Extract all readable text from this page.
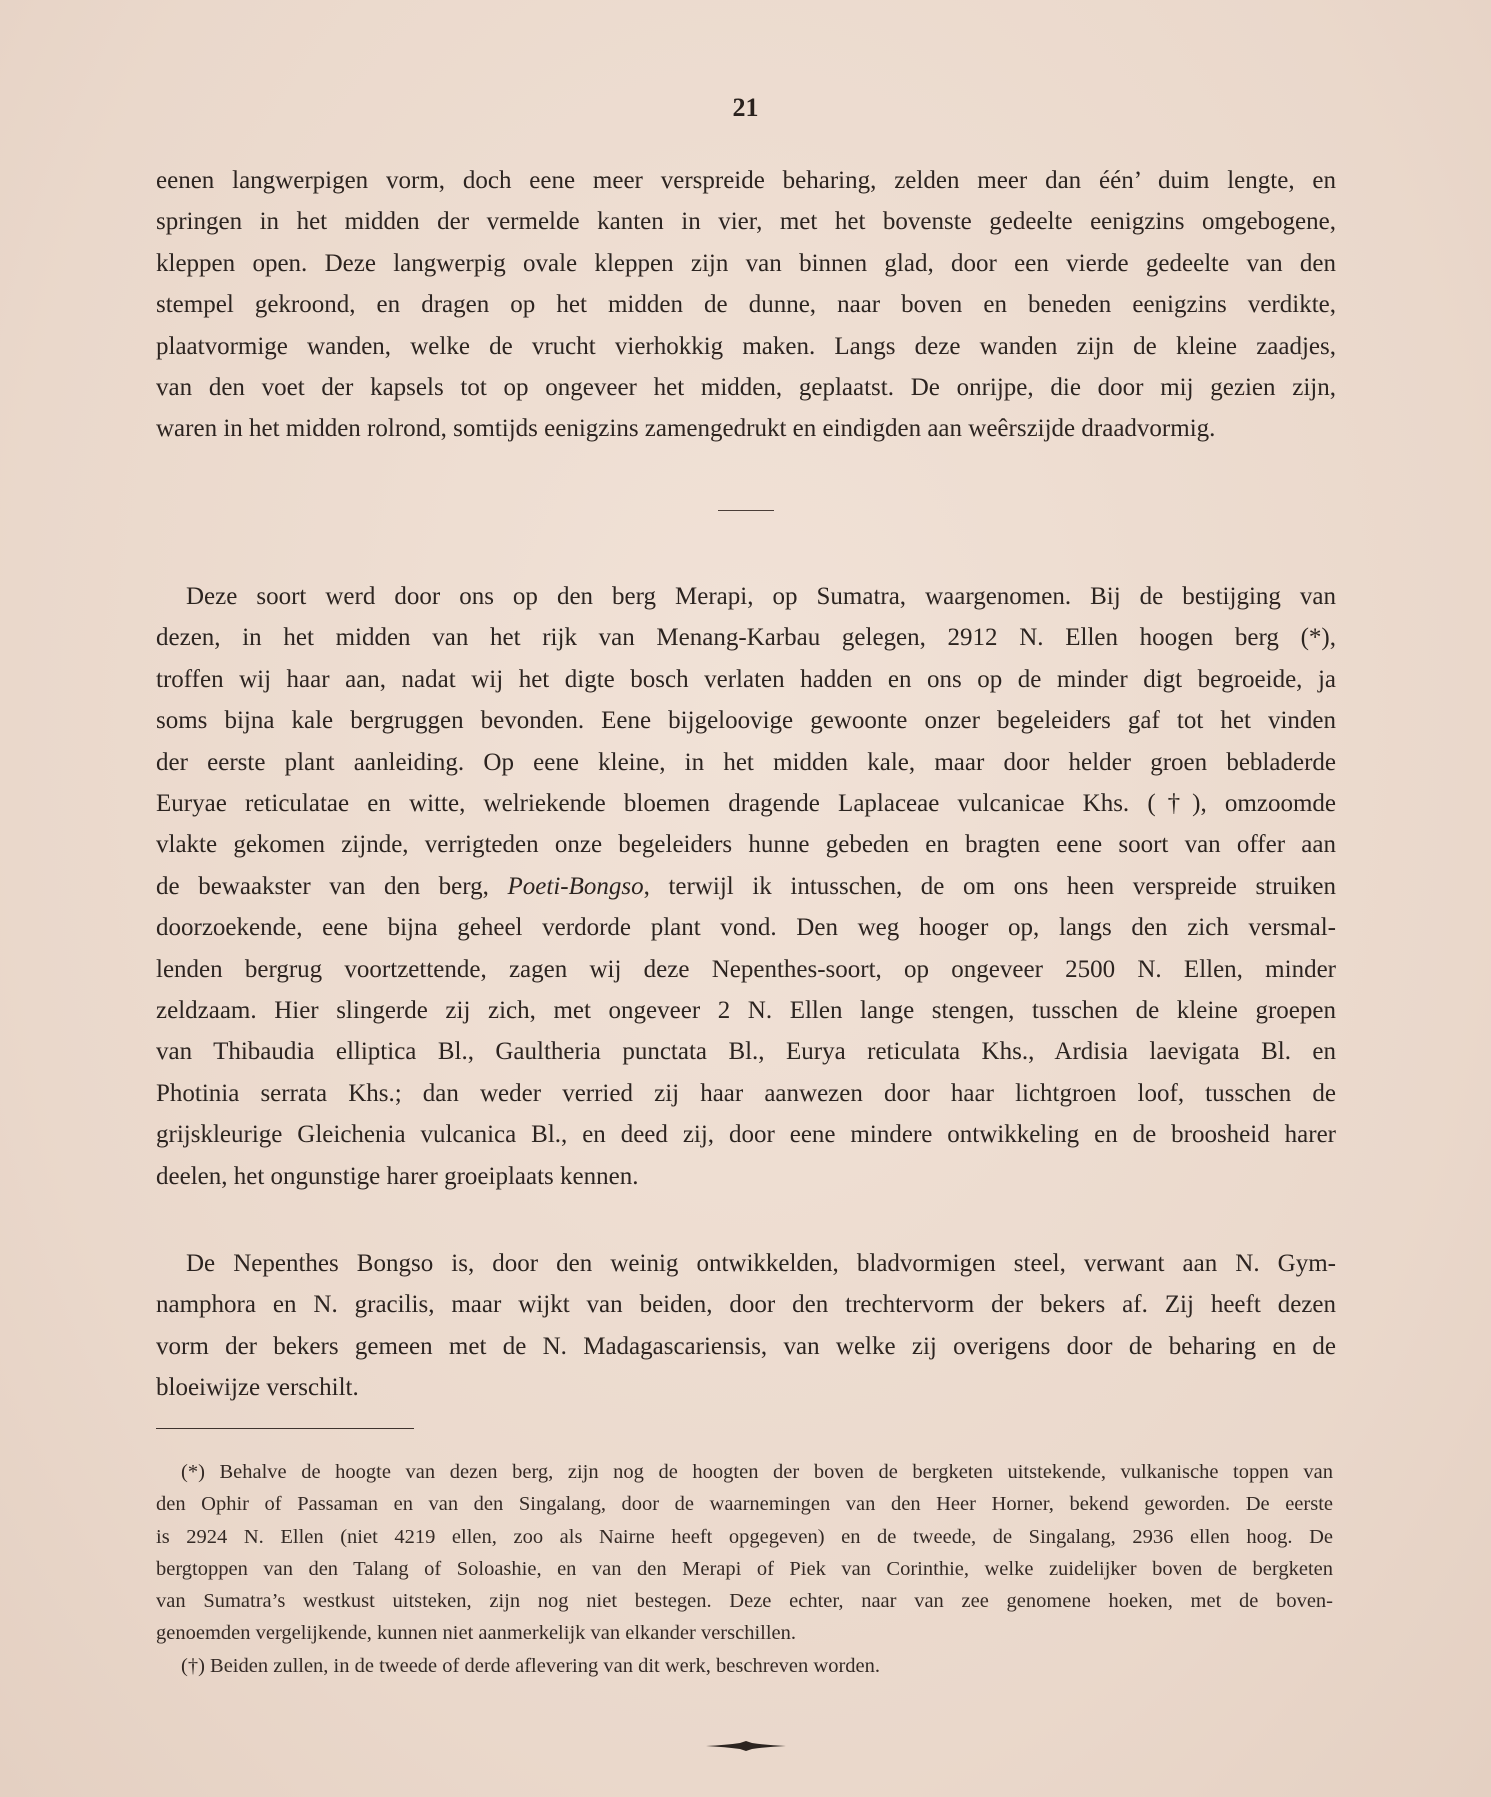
21

eenen langwerpigen vorm, doch eene meer verspreide beharing, zelden meer dan één’ duim lengte, en

springen in het midden der vermelde kanten in vier, met het bovenste gedeelte eenigzins omgebogene,

kleppen open. Deze langwerpig ovale kleppen zijn van binnen glad, door een vierde gedeelte van den

stempel gekroond, en dragen op het midden de dunne, naar boven en beneden eenigzins verdikte,

plaatvormige wanden, welke de vrucht vierhokkig maken. Langs deze wanden zijn de kleine zaadjes,

van den voet der kapsels tot op ongeveer het midden, geplaatst. De onrijpe, die door mij gezien zijn,

waren in het midden rolrond, somtijds eenigzins zamengedrukt en eindigden aan weêrszijde draadvormig.

Deze soort werd door ons op den berg Merapi, op Sumatra, waargenomen. Bij de bestijging van

dezen, in het midden van het rijk van Menang-Karbau gelegen, 2912 N. Ellen hoogen berg (*),

troffen wij haar aan, nadat wij het digte bosch verlaten hadden en ons op de minder digt begroeide, ja

soms bijna kale bergruggen bevonden. Eene bijgeloovige gewoonte onzer begeleiders gaf tot het vinden

der eerste plant aanleiding. Op eene kleine, in het midden kale, maar door helder groen bebladerde

Euryae reticulatae en witte, welriekende bloemen dragende Laplaceae vulcanicae Khs. (†), omzoomde

vlakte gekomen zijnde, verrigteden onze begeleiders hunne gebeden en bragten eene soort van offer aan

de bewaakster van den berg, Poeti-Bongso, terwijl ik intusschen, de om ons heen verspreide struiken

doorzoekende, eene bijna geheel verdorde plant vond. Den weg hooger op, langs den zich versmal-

lenden bergrug voortzettende, zagen wij deze Nepenthes-soort, op ongeveer 2500 N. Ellen, minder

zeldzaam. Hier slingerde zij zich, met ongeveer 2 N. Ellen lange stengen, tusschen de kleine groepen

van Thibaudia elliptica Bl., Gaultheria punctata Bl., Eurya reticulata Khs., Ardisia laevigata Bl. en

Photinia serrata Khs.; dan weder verried zij haar aanwezen door haar lichtgroen loof, tusschen de

grijskleurige Gleichenia vulcanica Bl., en deed zij, door eene mindere ontwikkeling en de broosheid harer

deelen, het ongunstige harer groeiplaats kennen.

De Nepenthes Bongso is, door den weinig ontwikkelden, bladvormigen steel, verwant aan N. Gym-

namphora en N. gracilis, maar wijkt van beiden, door den trechtervorm der bekers af. Zij heeft dezen

vorm der bekers gemeen met de N. Madagascariensis, van welke zij overigens door de beharing en de

bloeiwijze verschilt.

(*) Behalve de hoogte van dezen berg, zijn nog de hoogten der boven de bergketen uitstekende, vulkanische toppen van

den Ophir of Passaman en van den Singalang, door de waarnemingen van den Heer Horner, bekend geworden. De eerste

is 2924 N. Ellen (niet 4219 ellen, zoo als Nairne heeft opgegeven) en de tweede, de Singalang, 2936 ellen hoog. De

bergtoppen van den Talang of Soloashie, en van den Merapi of Piek van Corinthie, welke zuidelijker boven de bergketen

van Sumatra’s westkust uitsteken, zijn nog niet bestegen. Deze echter, naar van zee genomene hoeken, met de boven-

genoemden vergelijkende, kunnen niet aanmerkelijk van elkander verschillen.

(†) Beiden zullen, in de tweede of derde aflevering van dit werk, beschreven worden.
